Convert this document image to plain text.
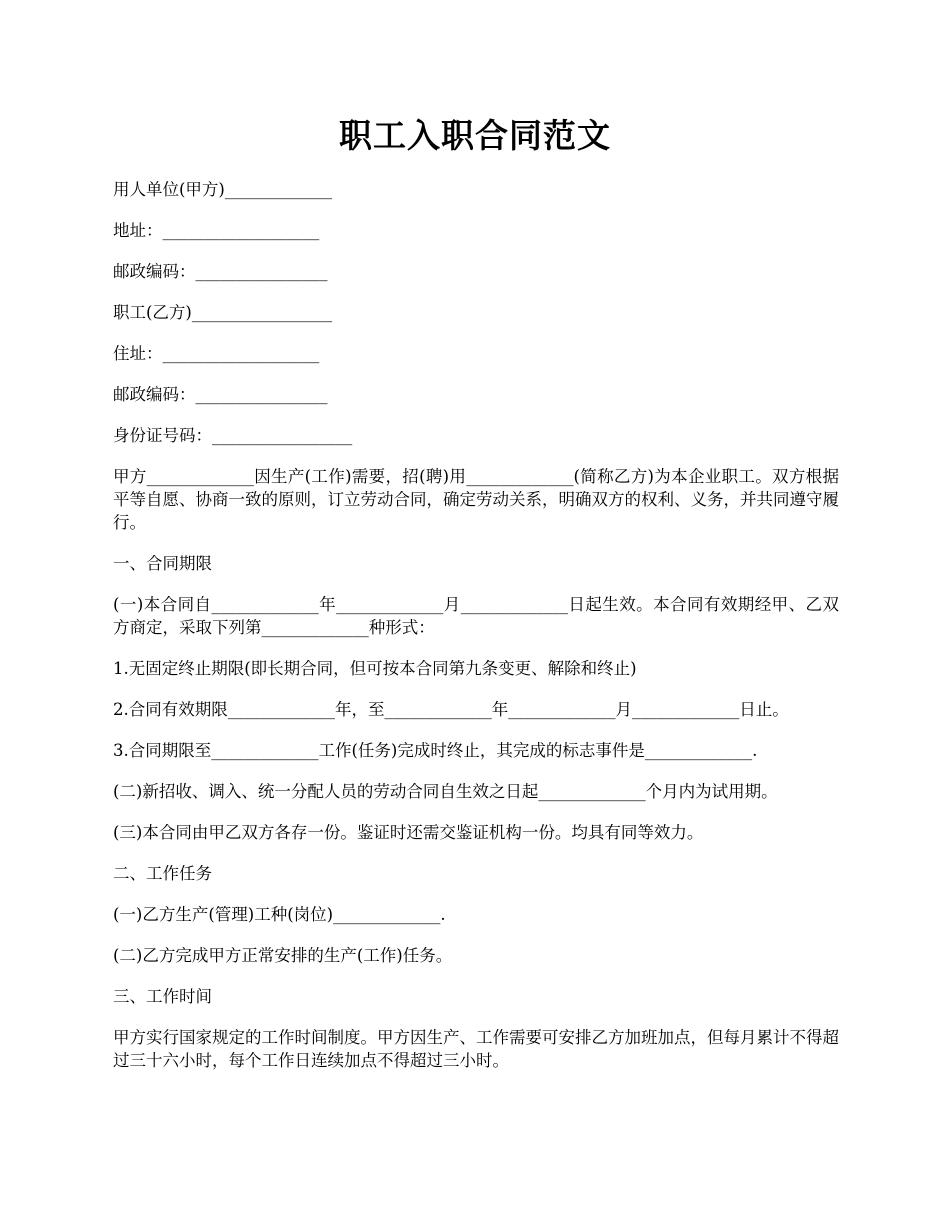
职工入职合同范文

用人单位(甲方)_____________

地址：___________________

邮政编码：________________

职工(乙方)_________________

住址：___________________

邮政编码：________________

身份证号码：_________________

甲方_____________因生产(工作)需要，招(聘)用_____________(简称乙方)为本企业职工。双方根据平等自愿、协商一致的原则，订立劳动合同，确定劳动关系，明确双方的权利、义务，并共同遵守履行。

一、合同期限

(一)本合同自_____________年_____________月_____________日起生效。本合同有效期经甲、乙双方商定，采取下列第_____________种形式：

1.无固定终止期限(即长期合同，但可按本合同第九条变更、解除和终止)

2.合同有效期限_____________年，至_____________年_____________月_____________日止。

3.合同期限至_____________工作(任务)完成时终止，其完成的标志事件是_____________.

(二)新招收、调入、统一分配人员的劳动合同自生效之日起_____________个月内为试用期。

(三)本合同由甲乙双方各存一份。鉴证时还需交鉴证机构一份。均具有同等效力。

二、工作任务

(一)乙方生产(管理)工种(岗位)_____________.

(二)乙方完成甲方正常安排的生产(工作)任务。

三、工作时间

甲方实行国家规定的工作时间制度。甲方因生产、工作需要可安排乙方加班加点，但每月累计不得超过三十六小时，每个工作日连续加点不得超过三小时。
